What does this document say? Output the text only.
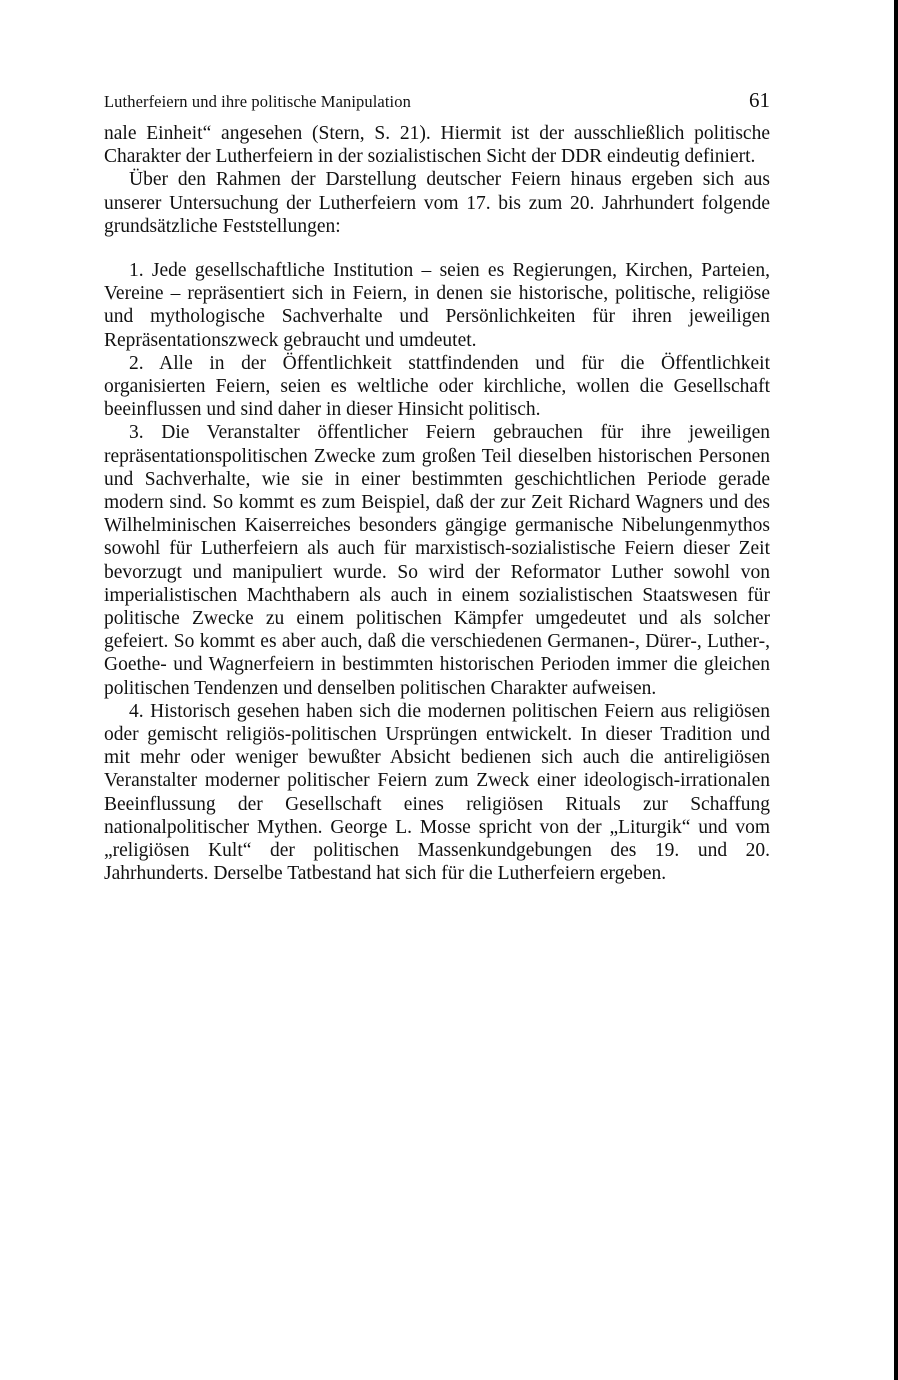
Lutherfeiern und ihre politische Manipulation	61

nale Einheit“ angesehen (Stern, S. 21). Hiermit ist der ausschließlich politische Charakter der Lutherfeiern in der sozialistischen Sicht der DDR eindeutig definiert.

Über den Rahmen der Darstellung deutscher Feiern hinaus ergeben sich aus unserer Untersuchung der Lutherfeiern vom 17. bis zum 20. Jahrhundert folgende grundsätzliche Feststellungen:

1. Jede gesellschaftliche Institution – seien es Regierungen, Kirchen, Parteien, Vereine – repräsentiert sich in Feiern, in denen sie historische, politische, religiöse und mythologische Sachverhalte und Persönlichkeiten für ihren jeweiligen Repräsentationszweck gebraucht und umdeutet.

2. Alle in der Öffentlichkeit stattfindenden und für die Öffentlichkeit organisierten Feiern, seien es weltliche oder kirchliche, wollen die Gesellschaft beeinflussen und sind daher in dieser Hinsicht politisch.

3. Die Veranstalter öffentlicher Feiern gebrauchen für ihre jeweiligen repräsentationspolitischen Zwecke zum großen Teil dieselben historischen Personen und Sachverhalte, wie sie in einer bestimmten geschichtlichen Periode gerade modern sind. So kommt es zum Beispiel, daß der zur Zeit Richard Wagners und des Wilhelminischen Kaiserreiches besonders gängige germanische Nibelungenmythos sowohl für Lutherfeiern als auch für marxistisch-sozialistische Feiern dieser Zeit bevorzugt und manipuliert wurde. So wird der Reformator Luther sowohl von imperialistischen Machthabern als auch in einem sozialistischen Staatswesen für politische Zwecke zu einem politischen Kämpfer umgedeutet und als solcher gefeiert. So kommt es aber auch, daß die verschiedenen Germanen-, Dürer-, Luther-, Goethe- und Wagnerfeiern in bestimmten historischen Perioden immer die gleichen politischen Tendenzen und denselben politischen Charakter aufweisen.

4. Historisch gesehen haben sich die modernen politischen Feiern aus religiösen oder gemischt religiös-politischen Ursprüngen entwickelt. In dieser Tradition und mit mehr oder weniger bewußter Absicht bedienen sich auch die antireligiösen Veranstalter moderner politischer Feiern zum Zweck einer ideologisch-irrationalen Beeinflussung der Gesellschaft eines religiösen Rituals zur Schaffung nationalpolitischer Mythen. George L. Mosse spricht von der „Liturgik“ und vom „religiösen Kult“ der politischen Massenkundgebungen des 19. und 20. Jahrhunderts. Derselbe Tatbestand hat sich für die Lutherfeiern ergeben.
